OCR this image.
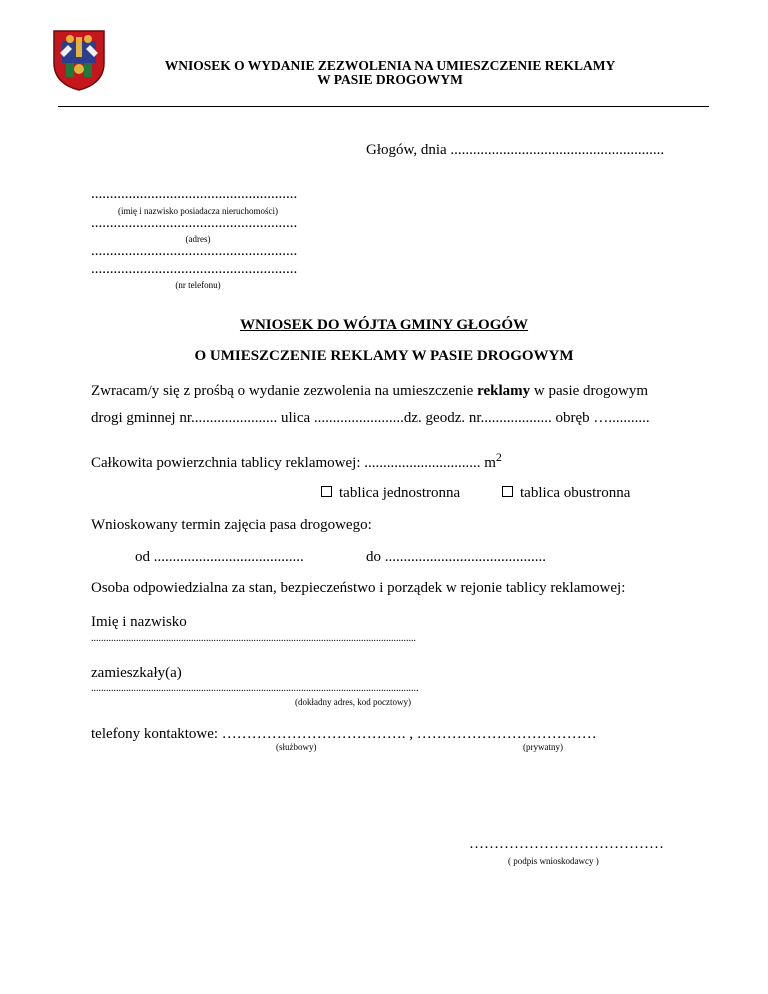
WNIOSEK O WYDANIE ZEZWOLENIA NA UMIESZCZENIE REKLAMY
W PASIE DROGOWYM
Głogów, dnia .........................................................
.......................................................
(imię i nazwisko posiadacza nieruchomości)
.......................................................
(adres)
.......................................................
.......................................................
(nr telefonu)
WNIOSEK DO WÓJTA GMINY GŁOGÓW
O UMIESZCZENIE REKLAMY W PASIE DROGOWYM
Zwracam/y się z prośbą o wydanie zezwolenia na umieszczenie reklamy w pasie drogowym
drogi gminnej nr....................... ulica ........................dz. geodz. nr................... obręb …...........
Całkowita powierzchnia tablicy reklamowej: ............................... $m^2$
tablica jednostronna	tablica obustronna
Wnioskowany termin zajęcia pasa drogowego:
od ........................................	do ...........................................
Osoba odpowiedzialna za stan, bezpieczeństwo i porządek w rejonie tablicy reklamowej:
Imię i nazwisko
..................................................................................................................................
zamieszkały(a)
...................................................................................................................................
(dokładny adres, kod pocztowy)
telefony kontaktowe: ………………………………. , ………………………………
(służbowy)	(prywatny)
…………………………………
( podpis wnioskodawcy )
